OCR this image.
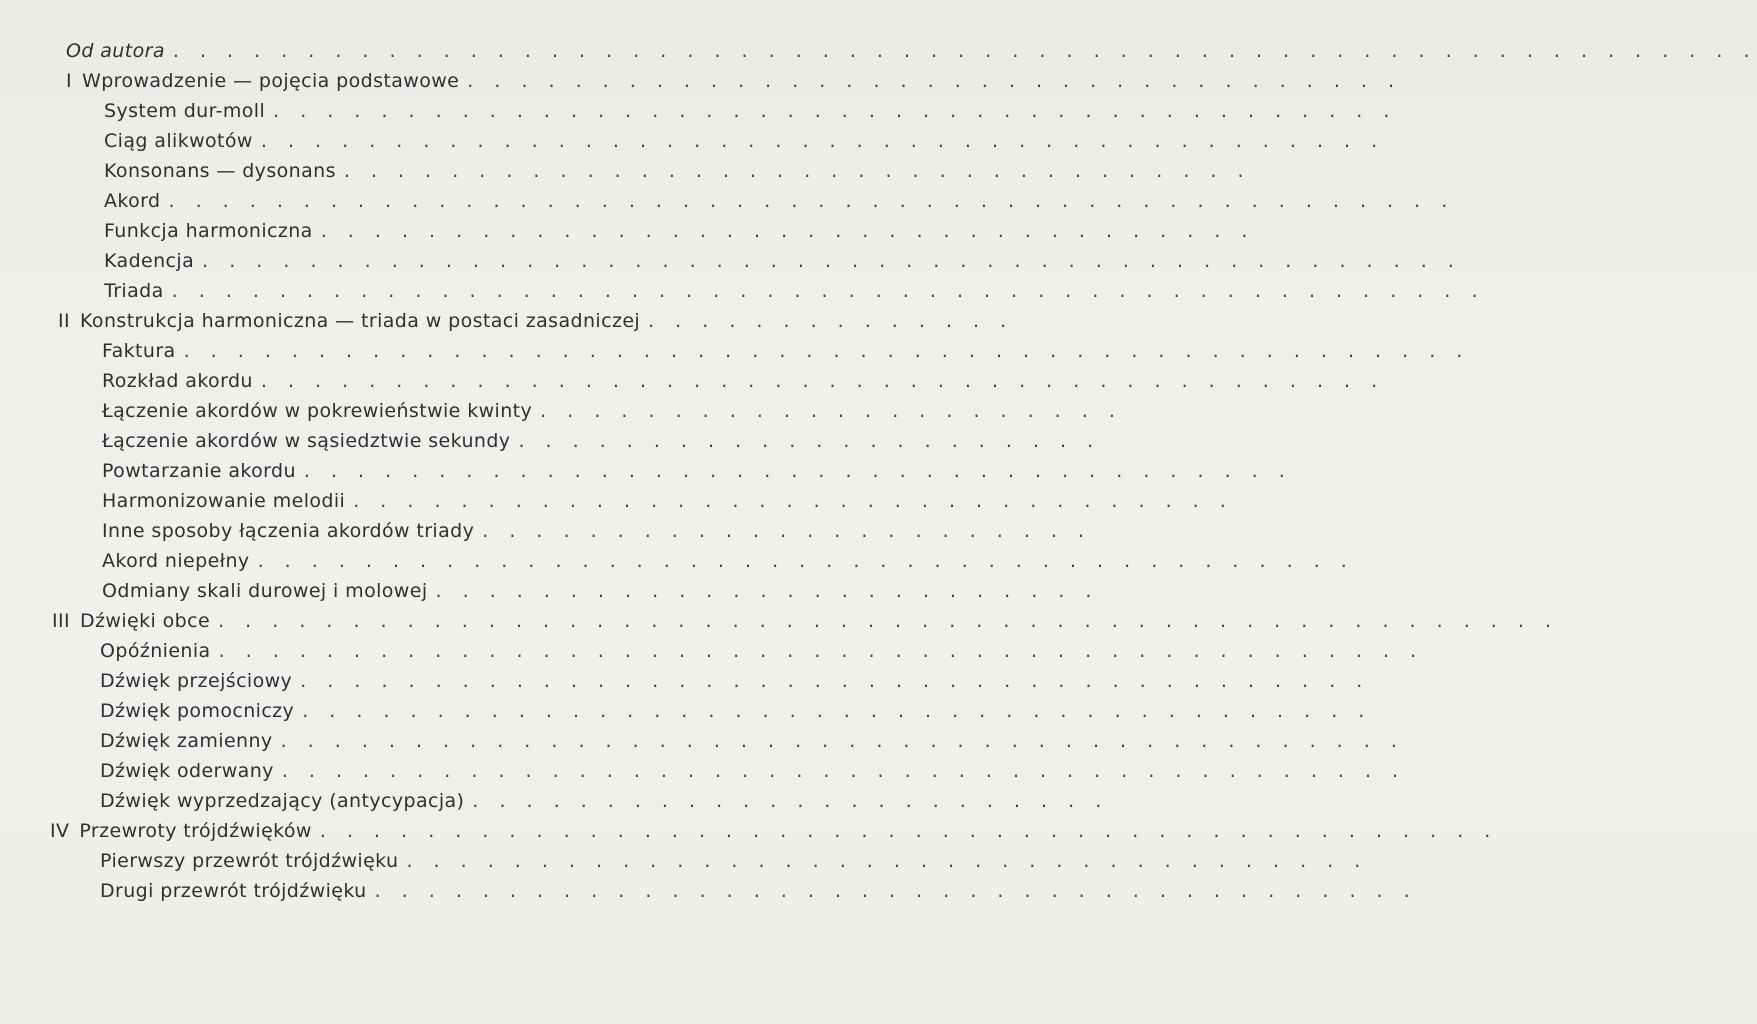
Od autora . . . . . . . . . . . . . . . . . . . . . . . . . . . . . . . . . . . . . . . . . . . . . . . . . . . . . . . . . . .
I Wprowadzenie — pojęcia podstawowe . . . . . . . . . . . . . . . . . . . . . . . . . . . . . . . . . . .
System dur-moll . . . . . . . . . . . . . . . . . . . . . . . . . . . . . . . . . . . . . . . . . .
Ciąg alikwotów . . . . . . . . . . . . . . . . . . . . . . . . . . . . . . . . . . . . . . . . . .
Konsonans — dysonans . . . . . . . . . . . . . . . . . . . . . . . . . . . . . . . . . .
Akord . . . . . . . . . . . . . . . . . . . . . . . . . . . . . . . . . . . . . . . . . . . . . . . .
Funkcja harmoniczna . . . . . . . . . . . . . . . . . . . . . . . . . . . . . . . . . . .
Kadencja . . . . . . . . . . . . . . . . . . . . . . . . . . . . . . . . . . . . . . . . . . . . . . .
Triada . . . . . . . . . . . . . . . . . . . . . . . . . . . . . . . . . . . . . . . . . . . . . . . . .
II Konstrukcja harmoniczna — triada w postaci zasadniczej . . . . . . . . . . . . . .
Faktura . . . . . . . . . . . . . . . . . . . . . . . . . . . . . . . . . . . . . . . . . . . . . . . .
Rozkład akordu . . . . . . . . . . . . . . . . . . . . . . . . . . . . . . . . . . . . . . . . . .
Łączenie akordów w pokrewieństwie kwinty . . . . . . . . . . . . . . . . . . . . . .
Łączenie akordów w sąsiedztwie sekundy . . . . . . . . . . . . . . . . . . . . . .
Powtarzanie akordu . . . . . . . . . . . . . . . . . . . . . . . . . . . . . . . . . . . . .
Harmonizowanie melodii . . . . . . . . . . . . . . . . . . . . . . . . . . . . . . . . .
Inne sposoby łączenia akordów triady . . . . . . . . . . . . . . . . . . . . . . .
Akord niepełny . . . . . . . . . . . . . . . . . . . . . . . . . . . . . . . . . . . . . . . . .
Odmiany skali durowej i molowej . . . . . . . . . . . . . . . . . . . . . . . . .
III Dźwięki obce . . . . . . . . . . . . . . . . . . . . . . . . . . . . . . . . . . . . . . . . . . . . . . . . . .
Opóźnienia . . . . . . . . . . . . . . . . . . . . . . . . . . . . . . . . . . . . . . . . . . . . .
Dźwięk przejściowy . . . . . . . . . . . . . . . . . . . . . . . . . . . . . . . . . . . . . . . .
Dźwięk pomocniczy . . . . . . . . . . . . . . . . . . . . . . . . . . . . . . . . . . . . . . . .
Dźwięk zamienny . . . . . . . . . . . . . . . . . . . . . . . . . . . . . . . . . . . . . . . . . .
Dźwięk oderwany . . . . . . . . . . . . . . . . . . . . . . . . . . . . . . . . . . . . . . . . . .
Dźwięk wyprzedzający (antycypacja) . . . . . . . . . . . . . . . . . . . . . . . .
IV Przewroty trójdźwięków . . . . . . . . . . . . . . . . . . . . . . . . . . . . . . . . . . . . . . . . . . . .
Pierwszy przewrót trójdźwięku . . . . . . . . . . . . . . . . . . . . . . . . . . . . . . . . . . . .
Drugi przewrót trójdźwięku . . . . . . . . . . . . . . . . . . . . . . . . . . . . . . . . . . . . . . .
